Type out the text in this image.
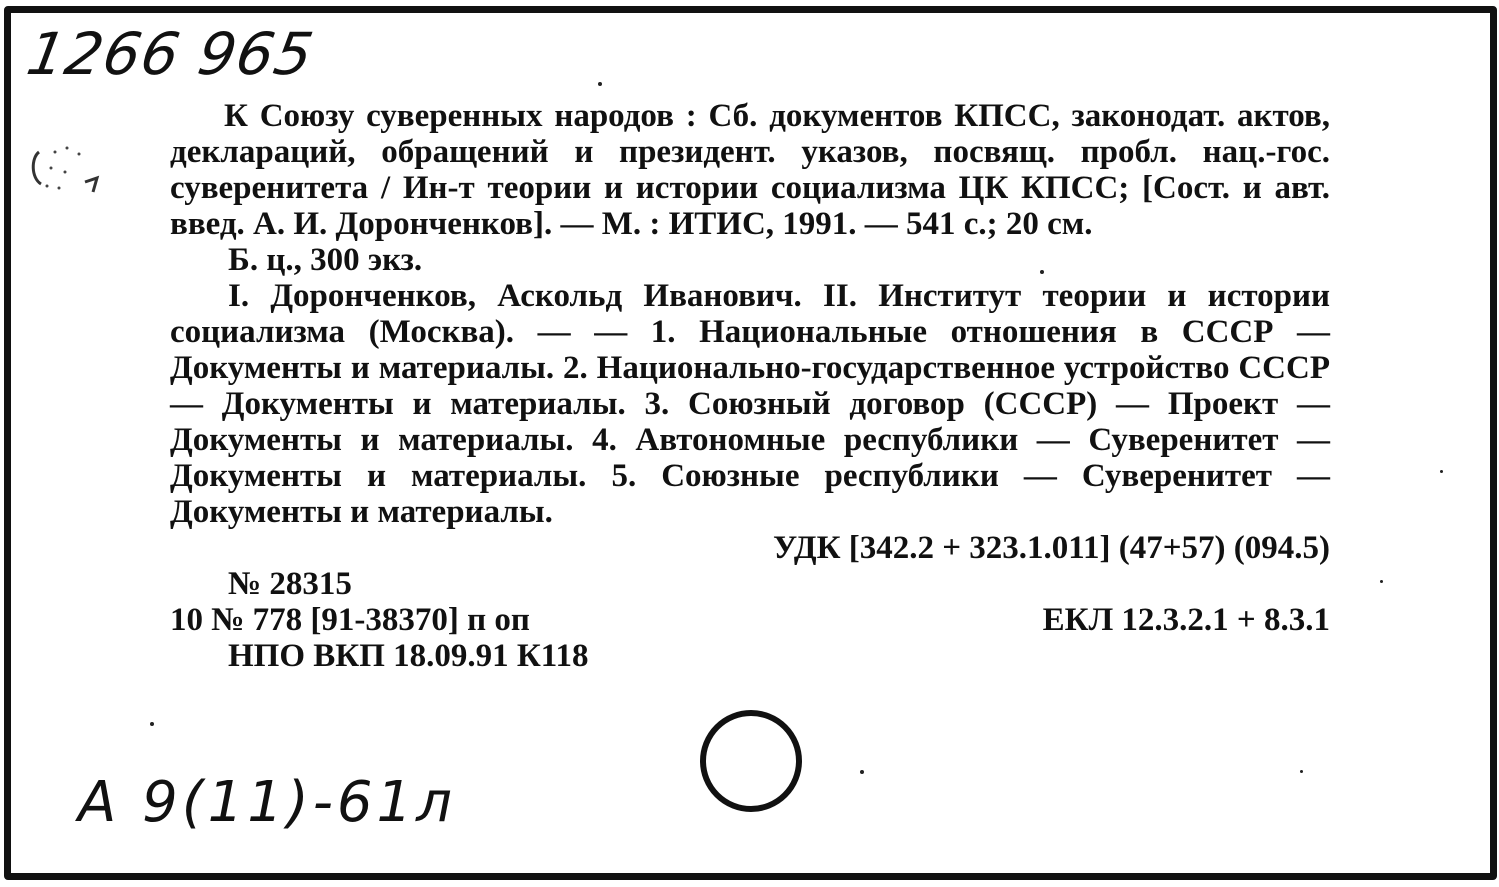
1266 965

К Союзу суверенных народов : Сб. документов КПСС, законодат. актов, деклараций, обращений и президент. указов, посвящ. пробл. нац.-гос. суверенитета / Ин-т теории и истории социализма ЦК КПСС; [Сост. и авт. введ. А. И. Доронченков]. — М. : ИТИС, 1991. — 541 с.; 20 см.

Б. ц., 300 экз.

I. Доронченков, Аскольд Иванович. II. Институт теории и истории социализма (Москва). — — 1. Национальные отношения в СССР — Документы и материалы. 2. Национально-государственное устройство СССР — Документы и материалы. 3. Союзный договор (СССР) — Проект — Документы и материалы. 4. Автономные республики — Суверенитет — Документы и материалы. 5. Союзные республики — Суверенитет — Документы и материалы.

УДК [342.2 + 323.1.011] (47+57) (094.5)

№ 28315
10 № 778 [91-38370] п оп	ЕКЛ 12.3.2.1 + 8.3.1
НПО ВКП 18.09.91 К118
А 9(11)-61л
